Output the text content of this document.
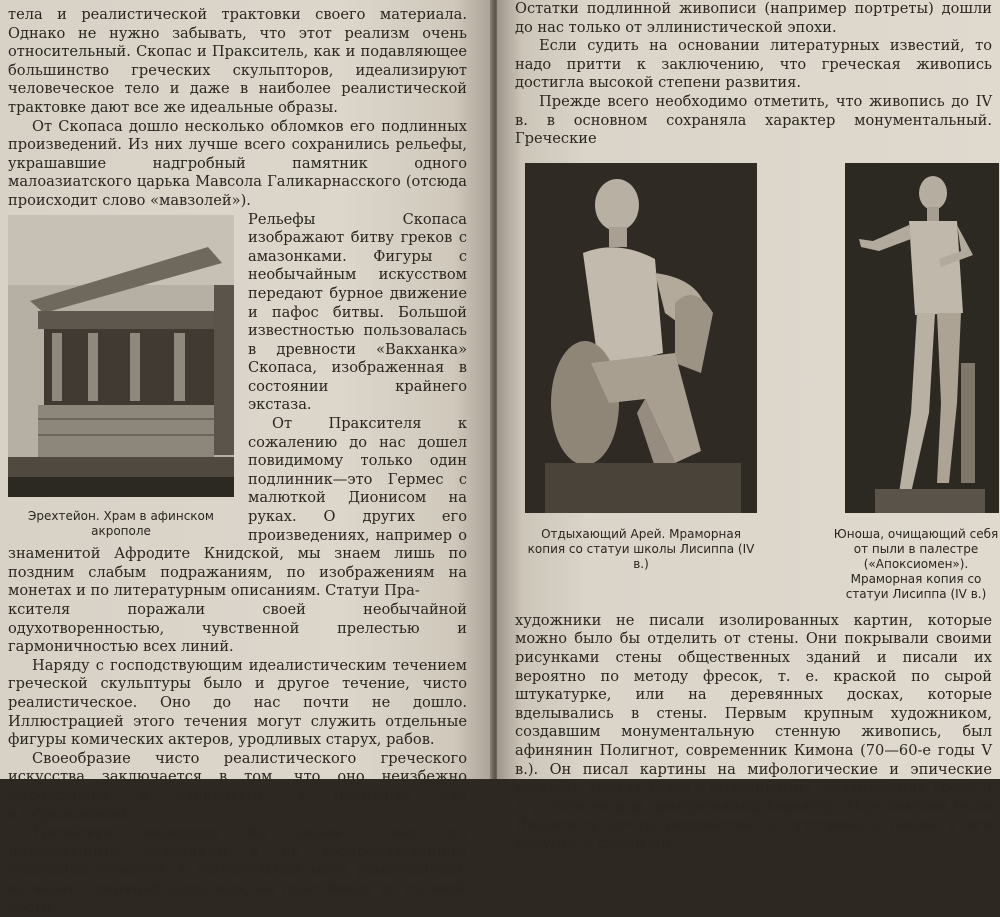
тела и реалистической трактовки своего материала. Однако не нужно забывать, что этот реализм очень относительный. Скопас и Пракситель, как и подавляющее большинство греческих скульпторов, идеализируют человеческое тело и даже в наиболее реалистической трактовке дают все же идеальные образы.

От Скопаса дошло несколько обломков его подлинных произведений. Из них лучше всего сохранились рельефы, украшавшие надгробный памятник одного малоазиатского царька Мавсола Галикарнасского (отсюда происходит слово «мавзолей»).

Эрехтейон. Храм в афинском акрополе

Рельефы Скопаса изображают битву греков с амазонками. Фигуры с необычайным искусством передают бурное движение и пафос битвы. Большой известностью пользовалась в древности «Вакханка» Скопаса, изображенная в состоянии крайнего экстаза.

От Праксителя к сожалению до нас дошел повидимому только один подлинник—это Гермес с малюткой Дионисом на руках. О других его произведениях, например о знаменитой Афродите Книдской, мы знаем лишь по поздним слабым подражаниям, по изображениям на монетах и по литературным описаниям. Статуи Пра-

ксителя поражали своей необычайной одухотворенностью, чувственной прелестью и гармоничностью всех линий.

Наряду с господствующим идеалистическим течением греческой скульптуры было и другое течение, чисто реалистическое. Оно до нас почти не дошло. Иллюстрацией этого течения могут служить отдельные фигуры комических актеров, уродливых старух, рабов.

Своеобразие чисто реалистического греческого искусства заключается в том, что оно неизбежно вырождалось в карикатуру, в насмешку над изображаемым.

Греческую живопись мы знаем только по литературным описаниям и по воспроизведениям отдельных сюжетов, в значительной мере ремесленным, на вазах, глиняных дощечках, на пластинках из словной кости

Остатки подлинной живописи (например портреты) дошли до нас только от эллинистической эпохи.

Если судить на основании литературных известий, то надо притти к заключению, что греческая живопись достигла высокой степени развития.

Прежде всего необходимо отметить, что живопись до IV в. в основном сохраняла характер монументальный. Греческие

Отдыхающий Арей. Мраморная копия со статуи школы Лисиппа (IV в.)
Юноша, очищающий себя от пыли в палестре («Апоксиомен»). Мраморная копия со статуи Лисиппа (IV в.)

художники не писали изолированных картин, которые можно было бы отделить от стены. Они покрывали своими рисунками стены общественных зданий и писали их вероятно по методу фресок, т. е. краской по сырой штукатурке, или на деревянных досках, которые вделывались в стены. Первым крупным художником, создавшим монументальную стенную живопись, был афинянин Полигнот, современник Кимона (70—60-е годы V в.). Он писал картины на мифологические и эпические сюжеты: «Битва Тезея с амазонками», «Разрушение Трои» и т. д. Они носили декоративный характер. Перспектива была Полигноту почти неизвестна, отсутствовала также в его рисунке и светотень.
